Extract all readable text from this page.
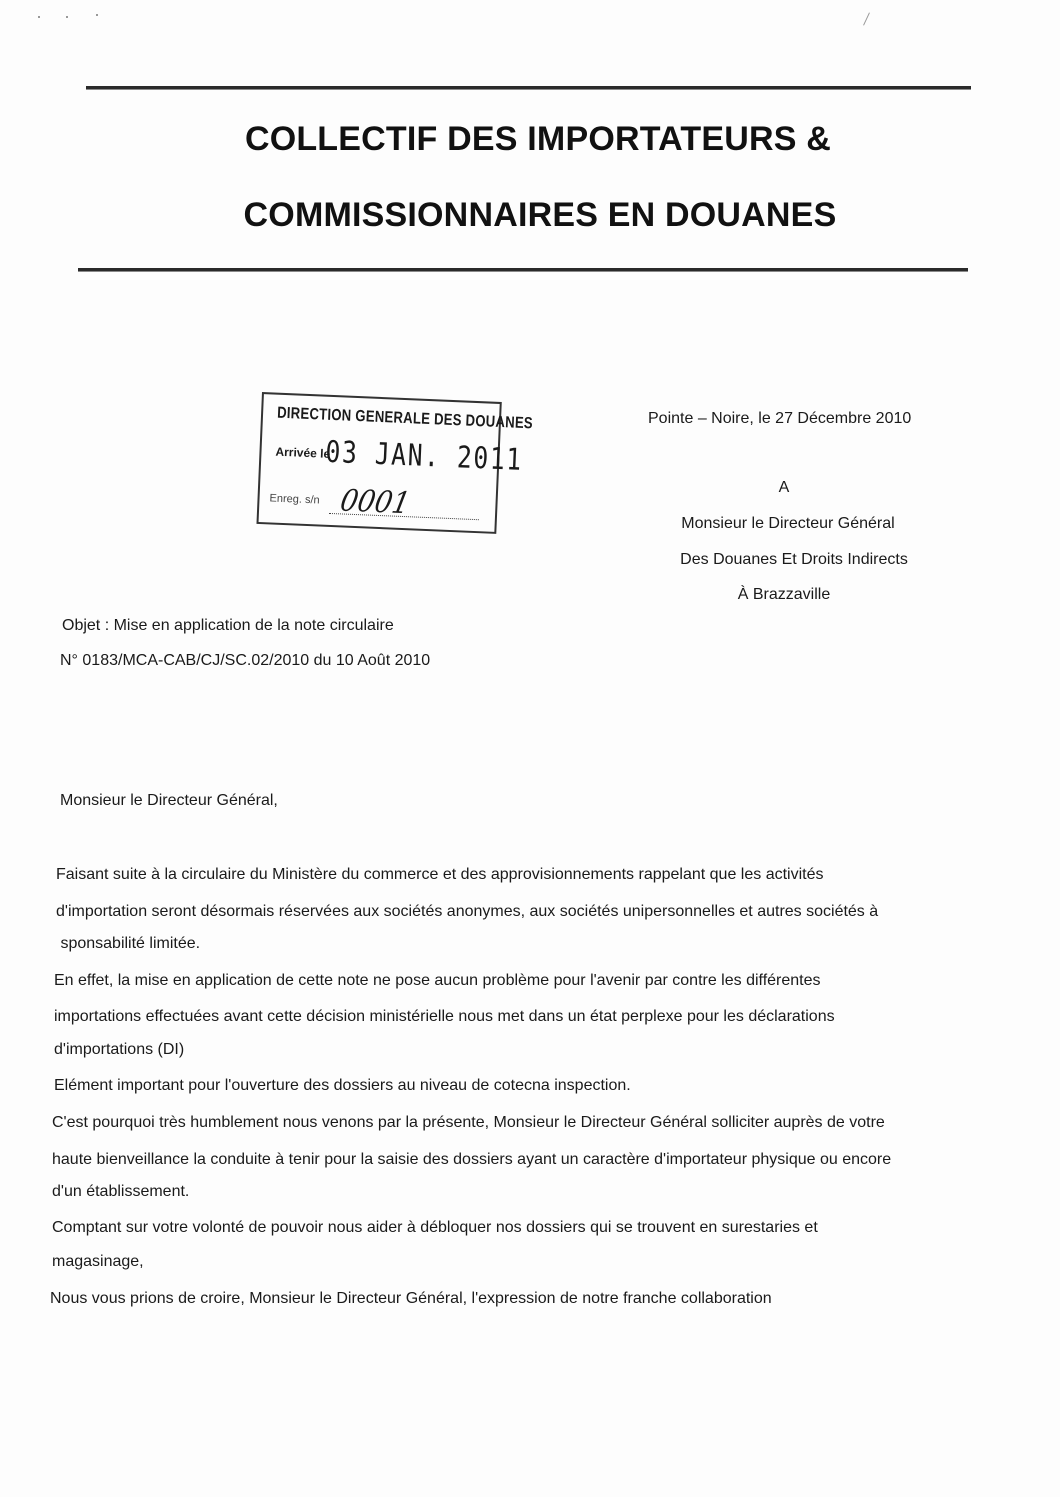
COLLECTIF DES IMPORTATEURS &
COMMISSIONNAIRES EN DOUANES
DIRECTION GENERALE DES DOUANES
Arrivée le
03 JAN. 2011
Enreg. s/n 0001
Pointe – Noire, le 27 Décembre 2010
A
Monsieur le Directeur Général
Des Douanes Et Droits Indirects
À Brazzaville
Objet : Mise en application de la note circulaire
N° 0183/MCA-CAB/CJ/SC.02/2010 du 10 Août 2010
Monsieur le Directeur Général,
Faisant suite à la circulaire du Ministère du commerce et des approvisionnements rappelant que les activités
d'importation seront désormais réservées aux sociétés anonymes, aux sociétés unipersonnelles et autres sociétés à
sponsabilité limitée.
En effet, la mise en application de cette note ne pose aucun problème pour l'avenir par contre les différentes
importations effectuées avant cette décision ministérielle nous met dans un état perplexe pour les déclarations
d'importations (DI)
Elément important pour l'ouverture des dossiers au niveau de cotecna inspection.
C'est pourquoi très humblement nous venons par la présente, Monsieur le Directeur Général solliciter auprès de votre
haute bienveillance la conduite à tenir pour la saisie des dossiers ayant un caractère d'importateur physique ou encore
d'un établissement.
Comptant sur votre volonté de pouvoir nous aider à débloquer nos dossiers qui se trouvent en surestaries et
magasinage,
Nous vous prions de croire, Monsieur le Directeur Général, l'expression de notre franche collaboration
